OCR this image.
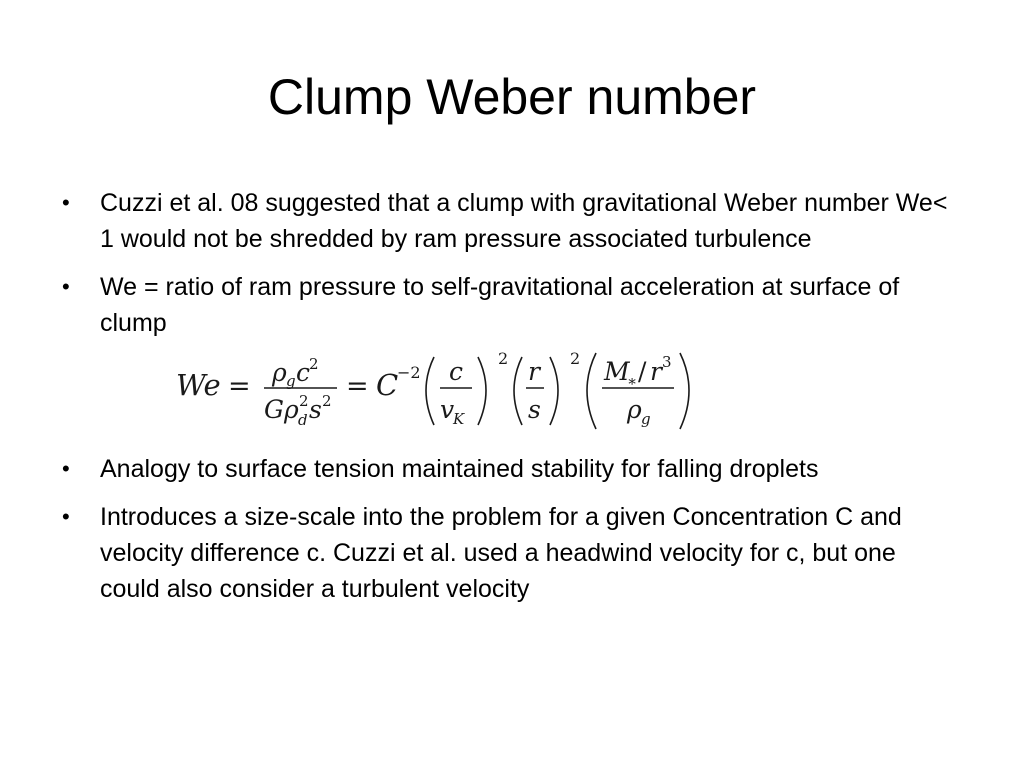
Clump Weber number
•	Cuzzi et al. 08 suggested that a clump with gravitational Weber number We< 1 would not be shredded by ram pressure associated turbulence
•	We = ratio of ram pressure to self-gravitational acceleration at surface of clump
We = ρ g c
2
G ρ 2
d s 2 = C
−2 c
v
K
2 r
s
2 M
∗ / r 3
ρ g
•	Analogy to surface tension maintained stability for falling droplets
•	Introduces a size-scale into the problem for a given Concentration C and velocity difference c. Cuzzi et al. used a headwind velocity for c, but one could also consider a turbulent velocity
